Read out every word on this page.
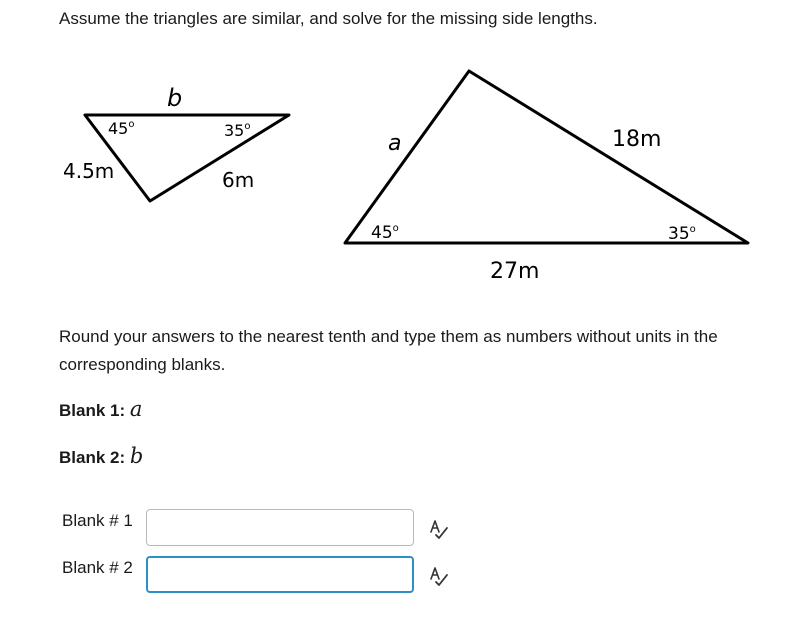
Assume the triangles are similar, and solve for the missing side lengths.
b
45$^o$	35$^o$
4.5m	6m
a	18m
45$^o$	35$^o$
27m
Round your answers to the nearest tenth and type them as numbers without units in the corresponding blanks.
Blank 1: a
Blank 2: b
Blank # 1
Blank # 2
